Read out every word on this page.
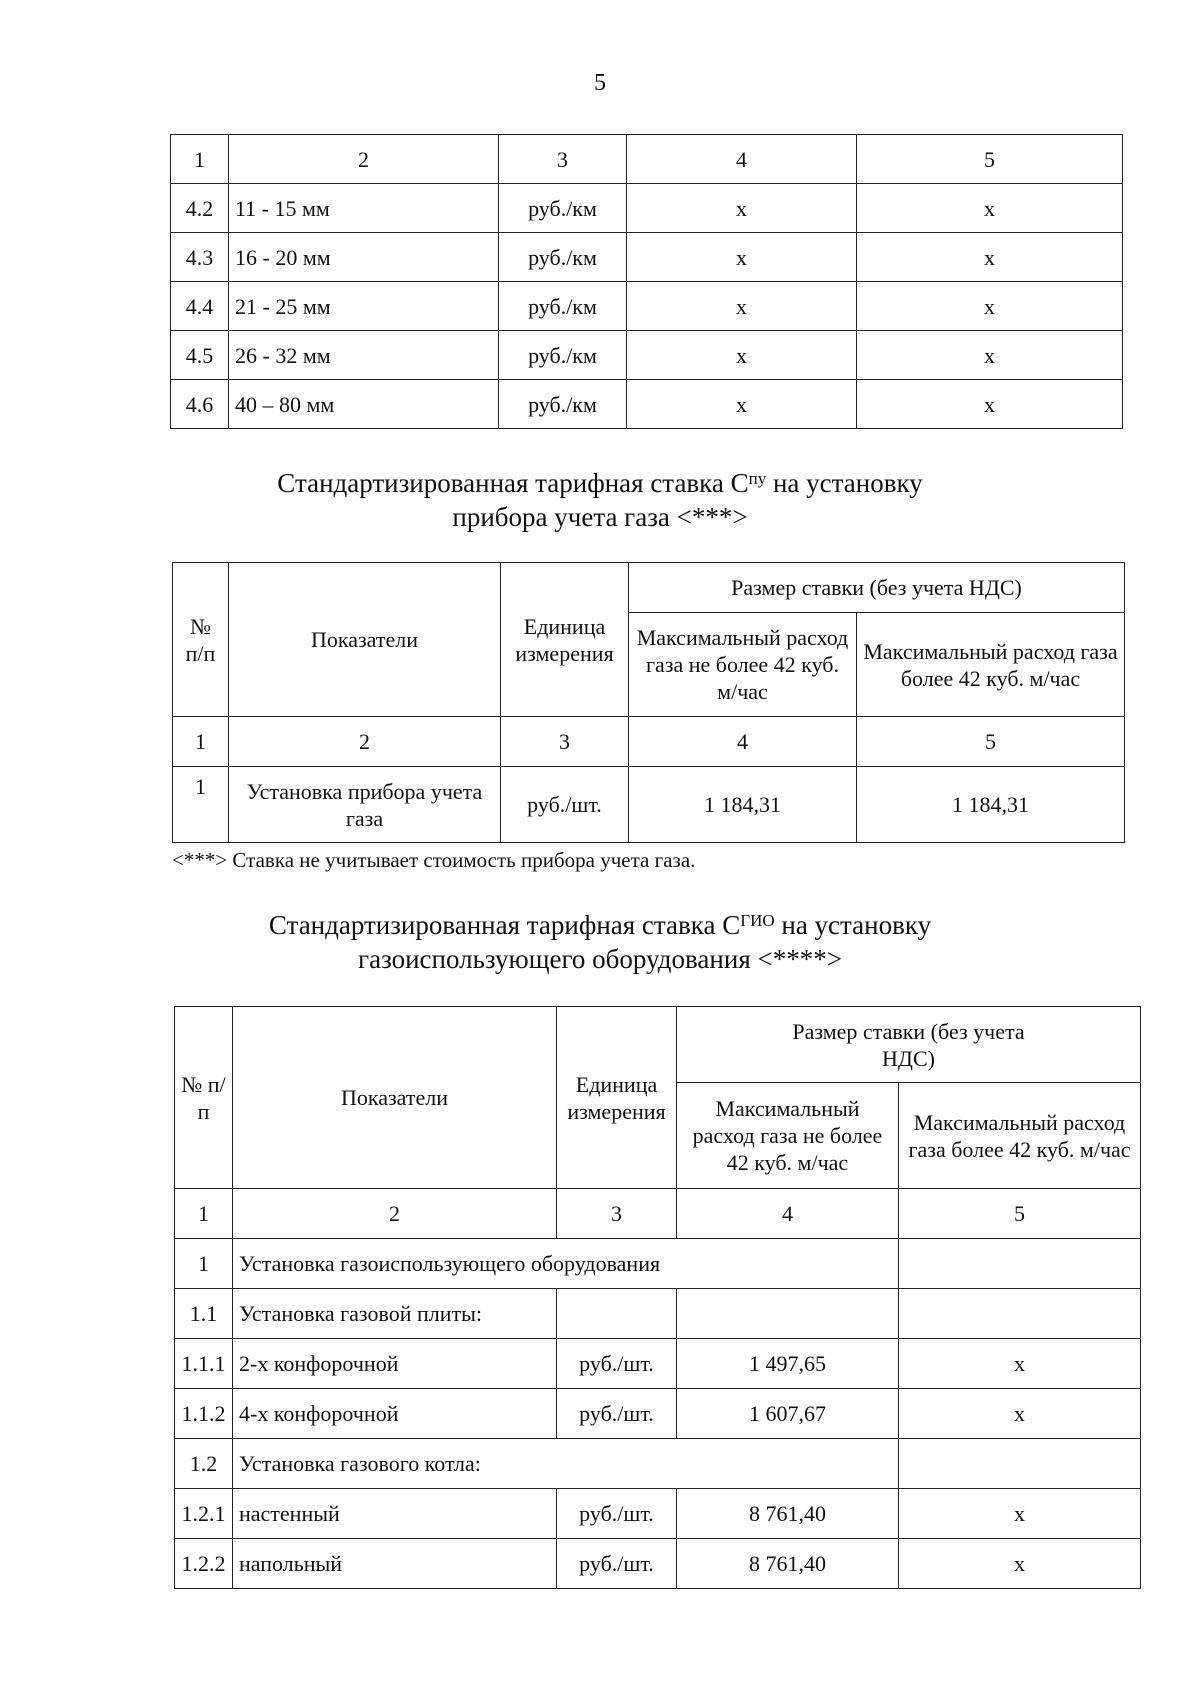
5
1	2	3	4	5
4.2	11 - 15 мм	руб./км	x	x
4.3	16 - 20 мм	руб./км	x	x
4.4	21 - 25 мм	руб./км	x	x
4.5	26 - 32 мм	руб./км	x	x
4.6	40 – 80 мм	руб./км	x	x
Стандартизированная тарифная ставка $С^{пу}$ на установку
прибора учета газа <***>
№ п/п	Показатели	Единица измерения	Размер ставки (без учета НДС)	
			Максимальный расход газа не более 42 куб. м/час	Максимальный расход газа более 42 куб. м/час
1	2	3	4	5
1	Установка прибора учета газа	руб./шт.	1 184,31	1 184,31
<***> Ставка не учитывает стоимость прибора учета газа.
Стандартизированная тарифная ставка $С^{ГИО}$ на установку
газоиспользующего оборудования <****>
№ п/п	Показатели	Единица измерения	Размер ставки (без учета НДС)	
			Максимальный расход газа не более 42 куб. м/час	Максимальный расход газа более 42 куб. м/час
1	2	3	4	5
1	Установка газоиспользующего оборудования			
1.1	Установка газовой плиты:			
1.1.1	2-х конфорочной	руб./шт.	1 497,65	x
1.1.2	4-х конфорочной	руб./шт.	1 607,67	x
1.2	Установка газового котла:			
1.2.1	настенный	руб./шт.	8 761,40	x
1.2.2	напольный	руб./шт.	8 761,40	x
